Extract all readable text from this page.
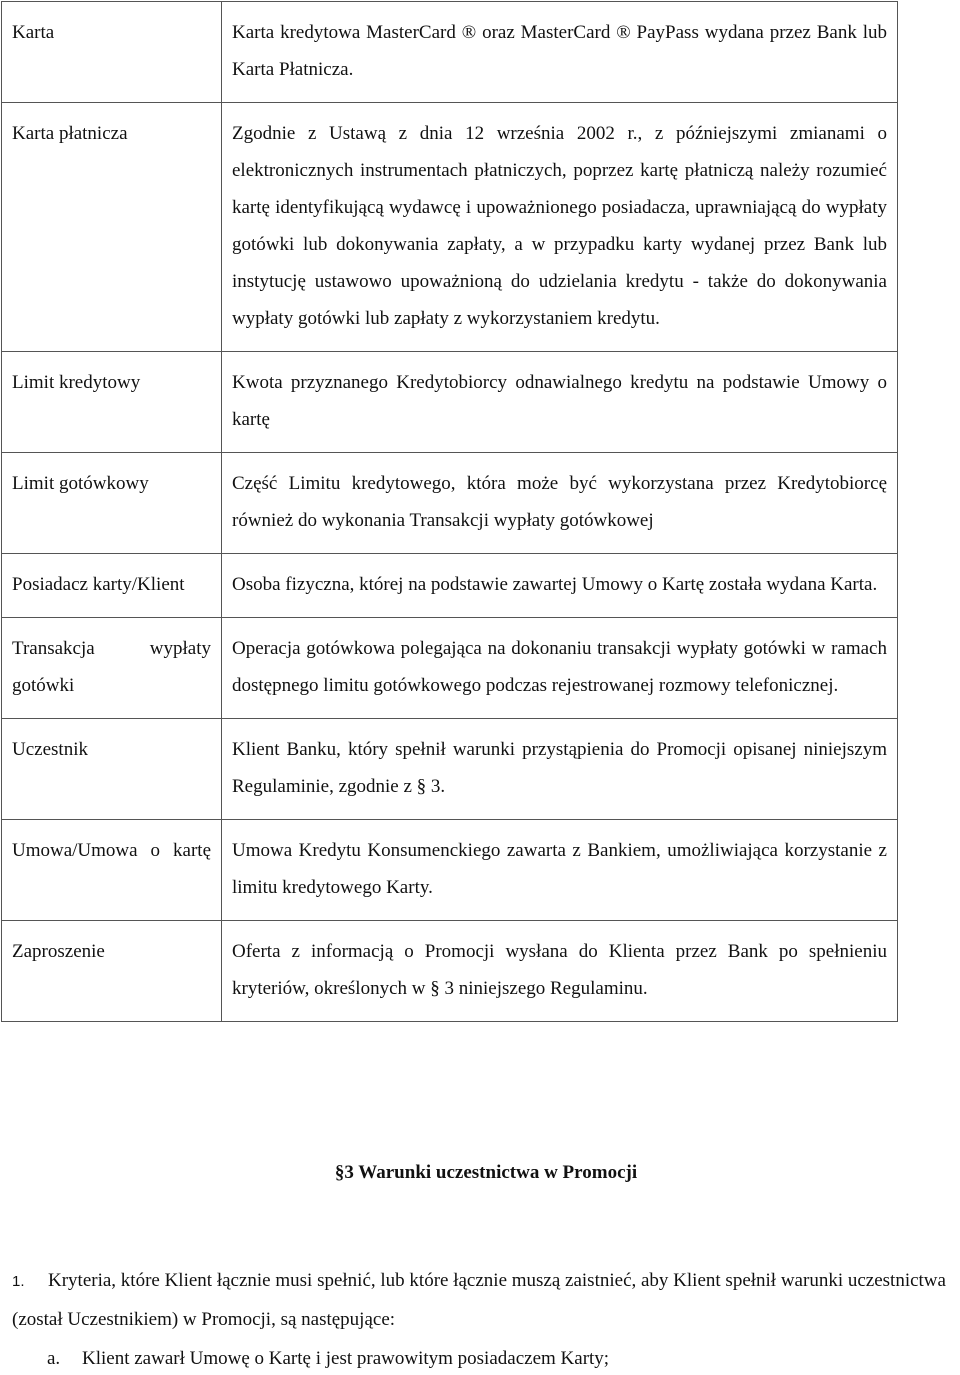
Karta	Karta kredytowa MasterCard ® oraz MasterCard ® PayPass wydana przez Bank lub Karta Płatnicza.
Karta płatnicza	Zgodnie z Ustawą z dnia 12 września 2002 r., z późniejszymi zmianami o elektronicznych instrumentach płatniczych, poprzez kartę płatniczą należy rozumieć kartę identyfikującą wydawcę i upoważnionego posiadacza, uprawniającą do wypłaty gotówki lub dokonywania zapłaty, a w przypadku karty wydanej przez Bank lub instytucję ustawowo upoważnioną do udzielania kredytu - także do dokonywania wypłaty gotówki lub zapłaty z wykorzystaniem kredytu.
Limit kredytowy	Kwota przyznanego Kredytobiorcy odnawialnego kredytu na podstawie Umowy o kartę
Limit gotówkowy	Część Limitu kredytowego, która może być wykorzystana przez Kredytobiorcę również do wykonania Transakcji wypłaty gotówkowej
Posiadacz karty/Klient	Osoba fizyczna, której na podstawie zawartej Umowy o Kartę została wydana Karta.
Transakcja wypłaty gotówki	Operacja gotówkowa polegająca na dokonaniu transakcji wypłaty gotówki w ramach dostępnego limitu gotówkowego podczas rejestrowanej rozmowy telefonicznej.
Uczestnik	Klient Banku, który spełnił warunki przystąpienia do Promocji opisanej niniejszym Regulaminie, zgodnie z § 3.
Umowa/Umowa o kartę	Umowa Kredytu Konsumenckiego zawarta z Bankiem, umożliwiająca korzystanie z limitu kredytowego Karty.
Zaproszenie	Oferta z informacją o Promocji wysłana do Klienta przez Bank po spełnieniu kryteriów, określonych w § 3 niniejszego Regulaminu.
§3 Warunki uczestnictwa w Promocji
1. Kryteria, które Klient łącznie musi spełnić, lub które łącznie muszą zaistnieć, aby Klient spełnił warunki uczestnictwa (został Uczestnikiem) w Promocji, są następujące:
a. Klient zawarł Umowę o Kartę i jest prawowitym posiadaczem Karty;
